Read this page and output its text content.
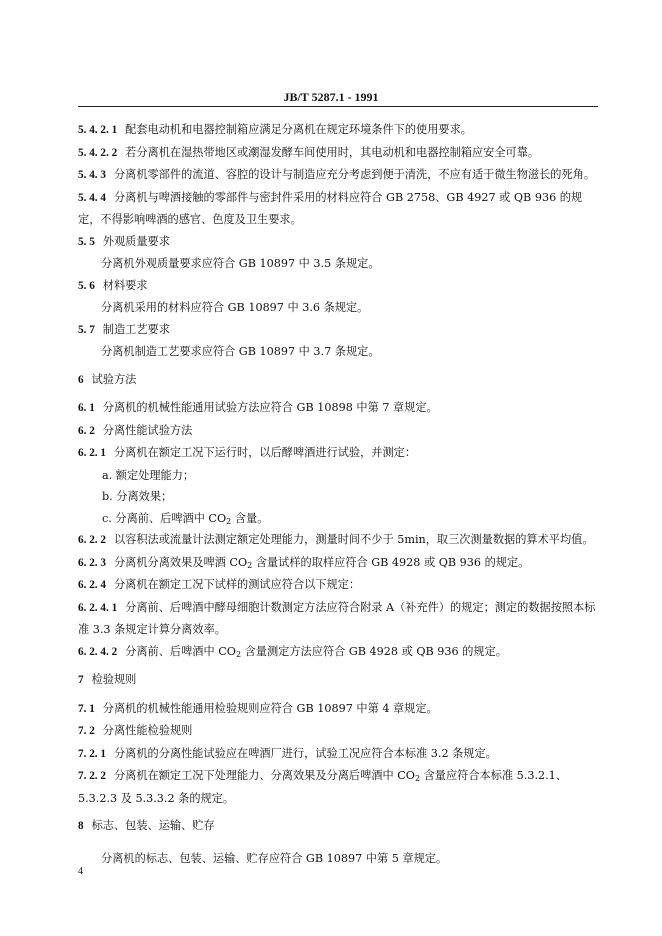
JB/T 5287.1 - 1991
5. 4. 2. 1 配套电动机和电器控制箱应满足分离机在规定环境条件下的使用要求。
5. 4. 2. 2 若分离机在湿热带地区或潮湿发酵车间使用时，其电动机和电器控制箱应安全可靠。
5. 4. 3 分离机零部件的流道、容腔的设计与制造应充分考虑到便于清洗，不应有适于微生物滋长的死角。
5. 4. 4 分离机与啤酒接触的零部件与密封件采用的材料应符合 GB 2758、GB 4927 或 QB 936 的规定，不得影响啤酒的感官、色度及卫生要求。
5. 5 外观质量要求
分离机外观质量要求应符合 GB 10897 中 3.5 条规定。
5. 6 材料要求
分离机采用的材料应符合 GB 10897 中 3.6 条规定。
5. 7 制造工艺要求
分离机制造工艺要求应符合 GB 10897 中 3.7 条规定。
6 试验方法
6. 1 分离机的机械性能通用试验方法应符合 GB 10898 中第 7 章规定。
6. 2 分离性能试验方法
6. 2. 1 分离机在额定工况下运行时，以后酵啤酒进行试验，并测定：
a. 额定处理能力；
b. 分离效果；
c. 分离前、后啤酒中 $CO_2$ 含量。
6. 2. 2 以容积法或流量计法测定额定处理能力，测量时间不少于 5min，取三次测量数据的算术平均值。
6. 2. 3 分离机分离效果及啤酒 $CO_2$ 含量试样的取样应符合 GB 4928 或 QB 936 的规定。
6. 2. 4 分离机在额定工况下试样的测试应符合以下规定：
6. 2. 4. 1 分离前、后啤酒中酵母细胞计数测定方法应符合附录 A（补充件）的规定；测定的数据按照本标准 3.3 条规定计算分离效率。
6. 2. 4. 2 分离前、后啤酒中 $CO_2$ 含量测定方法应符合 GB 4928 或 QB 936 的规定。
7 检验规则
7. 1 分离机的机械性能通用检验规则应符合 GB 10897 中第 4 章规定。
7. 2 分离性能检验规则
7. 2. 1 分离机的分离性能试验应在啤酒厂进行，试验工况应符合本标准 3.2 条规定。
7. 2. 2 分离机在额定工况下处理能力、分离效果及分离后啤酒中 $CO_2$ 含量应符合本标准 5.3.2.1、5.3.2.3 及 5.3.3.2 条的规定。
8 标志、包装、运输、贮存
分离机的标志、包装、运输、贮存应符合 GB 10897 中第 5 章规定。
4
